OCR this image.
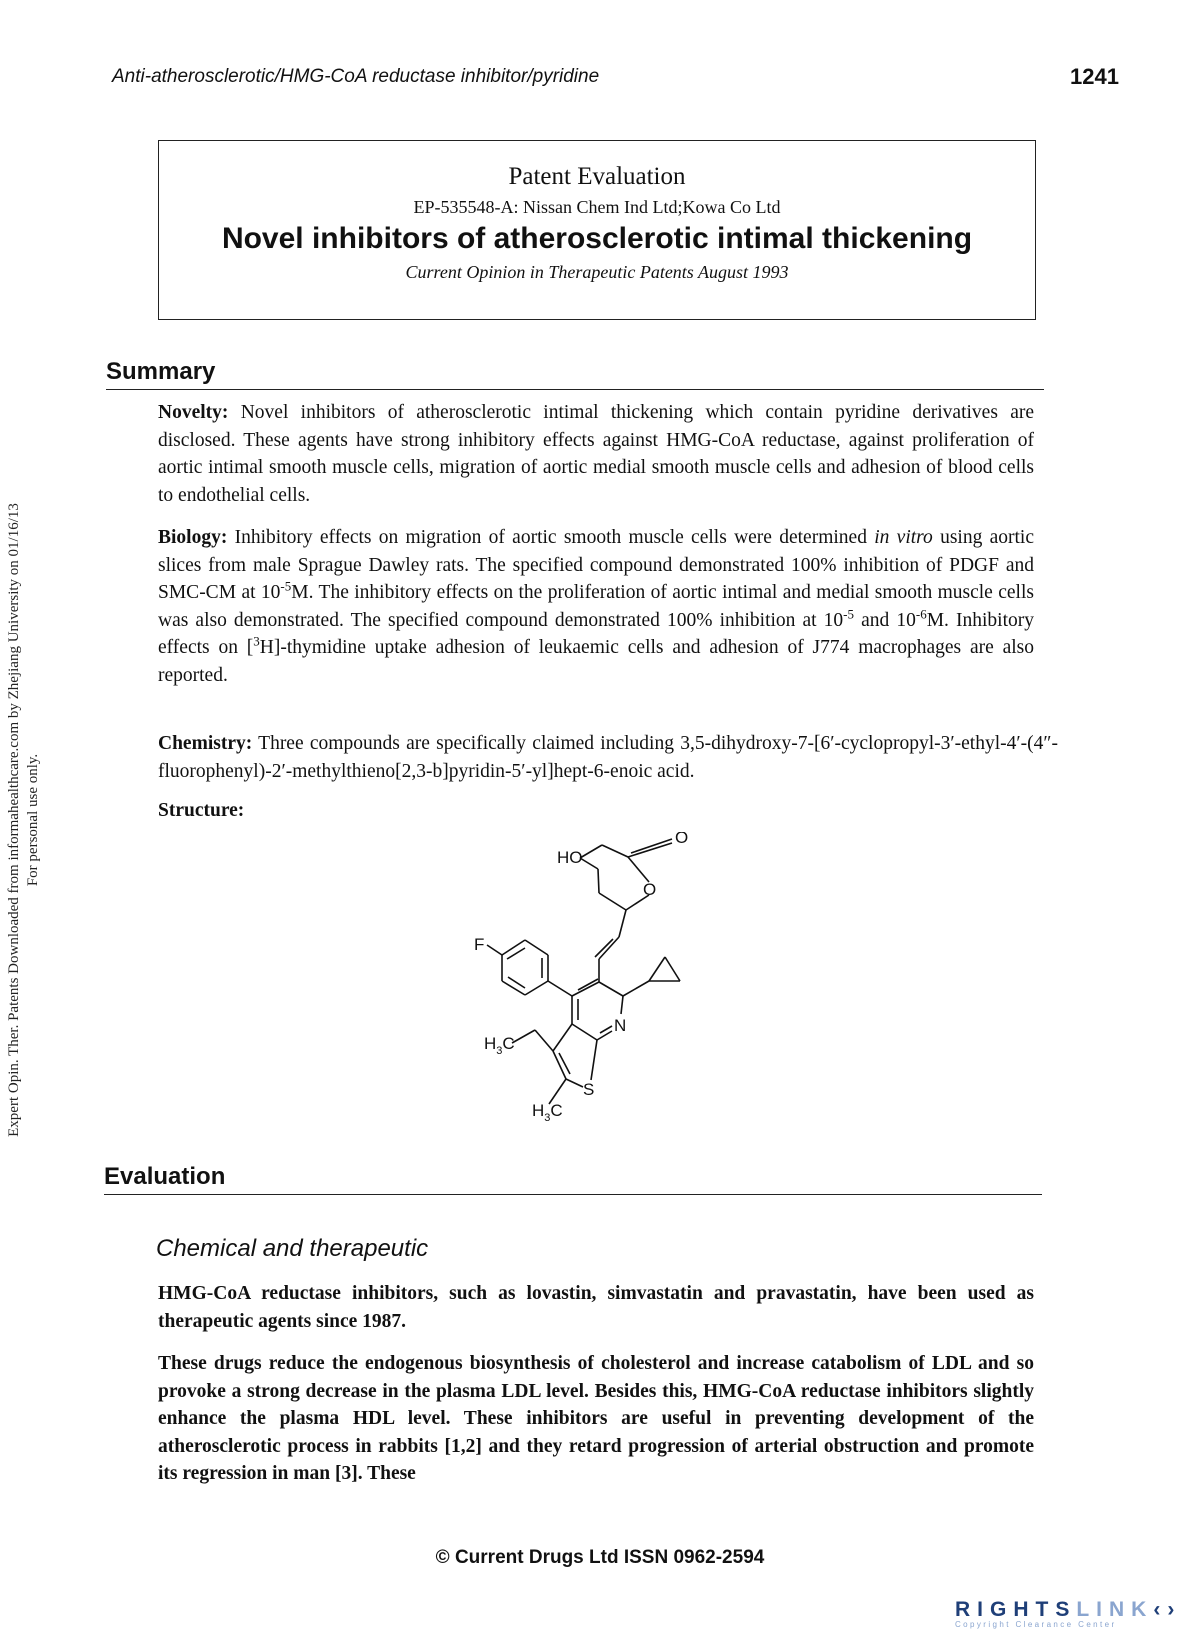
Anti-atherosclerotic/HMG-CoA reductase inhibitor/pyridine	1241
Expert Opin. Ther. Patents Downloaded from informahealthcare.com by Zhejiang University on 01/16/13 For personal use only.
Patent Evaluation
EP-535548-A: Nissan Chem Ind Ltd;Kowa Co Ltd
Novel inhibitors of atherosclerotic intimal thickening
Current Opinion in Therapeutic Patents August 1993
Summary

Novelty: Novel inhibitors of atherosclerotic intimal thickening which contain pyridine derivatives are disclosed. These agents have strong inhibitory effects against HMG-CoA reductase, against proliferation of aortic intimal smooth muscle cells, migration of aortic medial smooth muscle cells and adhesion of blood cells to endothelial cells.

Biology: Inhibitory effects on migration of aortic smooth muscle cells were determined in vitro using aortic slices from male Sprague Dawley rats. The specified compound demonstrated 100% inhibition of PDGF and SMC-CM at $10^{-5}M$. The inhibitory effects on the proliferation of aortic intimal and medial smooth muscle cells was also demonstrated. The specified compound demonstrated 100% inhibition at $10^{-5}$ and $10^{-6}M$. Inhibitory effects on [$^3$H]-thymidine uptake adhesion of leukaemic cells and adhesion of J774 macrophages are also reported.

Chemistry: Three compounds are specifically claimed including 3,5-dihydroxy-7-[6′-cyclopropyl-3′-ethyl-4′-(4″-fluorophenyl)-2′-methylthieno[2,3-b]pyridin-5′-yl]hept-6-enoic acid.

Structure:
HO
O
O
F
N
S
$H_3C$
$H_3C$
Evaluation
Chemical and therapeutic

HMG-CoA reductase inhibitors, such as lovastin, simvastatin and pravastatin, have been used as therapeutic agents since 1987.

These drugs reduce the endogenous biosynthesis of cholesterol and increase catabolism of LDL and so provoke a strong decrease in the plasma LDL level. Besides this, HMG-CoA reductase inhibitors slightly enhance the plasma HDL level. These inhibitors are useful in preventing development of the atherosclerotic process in rabbits [1,2] and they retard progression of arterial obstruction and promote its regression in man [3]. These

© Current Drugs Ltd ISSN 0962-2594
RIGHTSLINK‹›
Copyright Clearance Center
